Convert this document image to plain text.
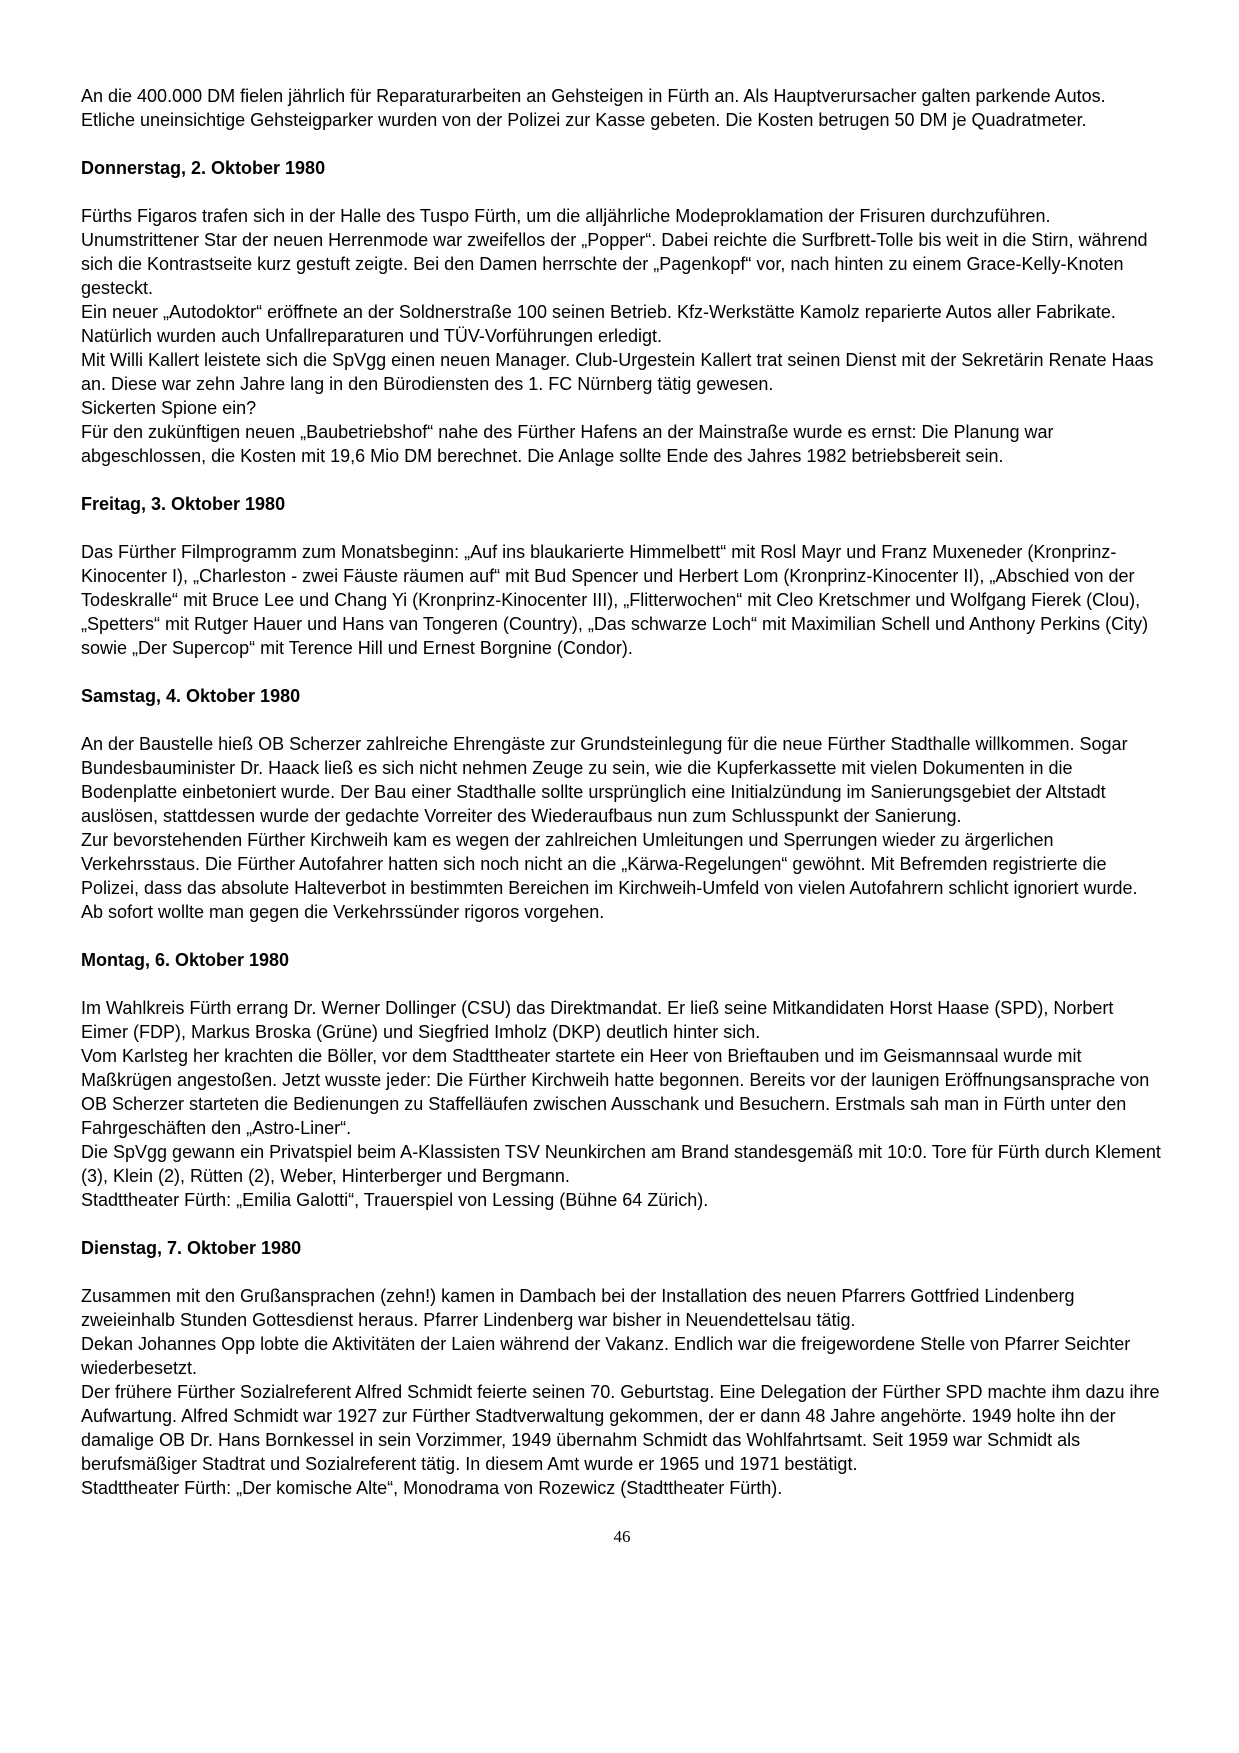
An die 400.000 DM fielen jährlich für Reparaturarbeiten an Gehsteigen in Fürth an. Als Hauptverursacher galten parkende Autos. Etliche uneinsichtige Gehsteigparker wurden von der Polizei zur Kasse gebeten. Die Kosten betrugen 50 DM je Quadratmeter.

Donnerstag, 2. Oktober 1980

Fürths Figaros trafen sich in der Halle des Tuspo Fürth, um die alljährliche Modeproklamation der Frisuren durchzuführen. Unumstrittener Star der neuen Herrenmode war zweifellos der „Popper“. Dabei reichte die Surfbrett-Tolle bis weit in die Stirn, während sich die Kontrastseite kurz gestuft zeigte. Bei den Damen herrschte der „Pagenkopf“ vor, nach hinten zu einem Grace-Kelly-Knoten gesteckt.

Ein neuer „Autodoktor“ eröffnete an der Soldnerstraße 100 seinen Betrieb. Kfz-Werkstätte Kamolz reparierte Autos aller Fabrikate. Natürlich wurden auch Unfallreparaturen und TÜV-Vorführungen erledigt.

Mit Willi Kallert leistete sich die SpVgg einen neuen Manager. Club-Urgestein Kallert trat seinen Dienst mit der Sekretärin Renate Haas an. Diese war zehn Jahre lang in den Bürodiensten des 1. FC Nürnberg tätig gewesen.

Sickerten Spione ein?

Für den zukünftigen neuen „Baubetriebshof“ nahe des Fürther Hafens an der Mainstraße wurde es ernst: Die Planung war abgeschlossen, die Kosten mit 19,6 Mio DM berechnet. Die Anlage sollte Ende des Jahres 1982 betriebsbereit sein.

Freitag, 3. Oktober 1980

Das Fürther Filmprogramm zum Monatsbeginn: „Auf ins blaukarierte Himmelbett“ mit Rosl Mayr und Franz Muxeneder (Kronprinz-Kinocenter I), „Charleston - zwei Fäuste räumen auf“ mit Bud Spencer und Herbert Lom (Kronprinz-Kinocenter II), „Abschied von der Todeskralle“ mit Bruce Lee und Chang Yi (Kronprinz-Kinocenter III), „Flitterwochen“ mit Cleo Kretschmer und Wolfgang Fierek (Clou), „Spetters“ mit Rutger Hauer und Hans van Tongeren (Country), „Das schwarze Loch“ mit Maximilian Schell und Anthony Perkins (City) sowie „Der Supercop“ mit Terence Hill und Ernest Borgnine (Condor).

Samstag, 4. Oktober 1980

An der Baustelle hieß OB Scherzer zahlreiche Ehrengäste zur Grundsteinlegung für die neue Fürther Stadthalle willkommen. Sogar Bundesbauminister Dr. Haack ließ es sich nicht nehmen Zeuge zu sein, wie die Kupferkassette mit vielen Dokumenten in die Bodenplatte einbetoniert wurde. Der Bau einer Stadthalle sollte ursprünglich eine Initialzündung im Sanierungsgebiet der Altstadt auslösen, stattdessen wurde der gedachte Vorreiter des Wiederaufbaus nun zum Schlusspunkt der Sanierung.

Zur bevorstehenden Fürther Kirchweih kam es wegen der zahlreichen Umleitungen und Sperrungen wieder zu ärgerlichen Verkehrsstaus. Die Fürther Autofahrer hatten sich noch nicht an die „Kärwa-Regelungen“ gewöhnt. Mit Befremden registrierte die Polizei, dass das absolute Halteverbot in bestimmten Bereichen im Kirchweih-Umfeld von vielen Autofahrern schlicht ignoriert wurde. Ab sofort wollte man gegen die Verkehrssünder rigoros vorgehen.

Montag, 6. Oktober 1980

Im Wahlkreis Fürth errang Dr. Werner Dollinger (CSU) das Direktmandat. Er ließ seine Mitkandidaten Horst Haase (SPD), Norbert Eimer (FDP), Markus Broska (Grüne) und Siegfried Imholz (DKP) deutlich hinter sich.

Vom Karlsteg her krachten die Böller, vor dem Stadttheater startete ein Heer von Brieftauben und im Geismannsaal wurde mit Maßkrügen angestoßen. Jetzt wusste jeder: Die Fürther Kirchweih hatte begonnen. Bereits vor der launigen Eröffnungsansprache von OB Scherzer starteten die Bedienungen zu Staffelläufen zwischen Ausschank und Besuchern. Erstmals sah man in Fürth unter den Fahrgeschäften den „Astro-Liner“.

Die SpVgg gewann ein Privatspiel beim A-Klassisten TSV Neunkirchen am Brand standesgemäß mit 10:0. Tore für Fürth durch Klement (3), Klein (2), Rütten (2), Weber, Hinterberger und Bergmann.

Stadttheater Fürth: „Emilia Galotti“, Trauerspiel von Lessing (Bühne 64 Zürich).

Dienstag, 7. Oktober 1980

Zusammen mit den Grußansprachen (zehn!) kamen in Dambach bei der Installation des neuen Pfarrers Gottfried Lindenberg zweieinhalb Stunden Gottesdienst heraus. Pfarrer Lindenberg war bisher in Neuendettelsau tätig.

Dekan Johannes Opp lobte die Aktivitäten der Laien während der Vakanz. Endlich war die freigewordene Stelle von Pfarrer Seichter wiederbesetzt.

Der frühere Fürther Sozialreferent Alfred Schmidt feierte seinen 70. Geburtstag. Eine Delegation der Fürther SPD machte ihm dazu ihre Aufwartung. Alfred Schmidt war 1927 zur Fürther Stadtverwaltung gekommen, der er dann 48 Jahre angehörte. 1949 holte ihn der damalige OB Dr. Hans Bornkessel in sein Vorzimmer, 1949 übernahm Schmidt das Wohlfahrtsamt. Seit 1959 war Schmidt als berufsmäßiger Stadtrat und Sozialreferent tätig. In diesem Amt wurde er 1965 und 1971 bestätigt.

Stadttheater Fürth: „Der komische Alte“, Monodrama von Rozewicz (Stadttheater Fürth).

46
